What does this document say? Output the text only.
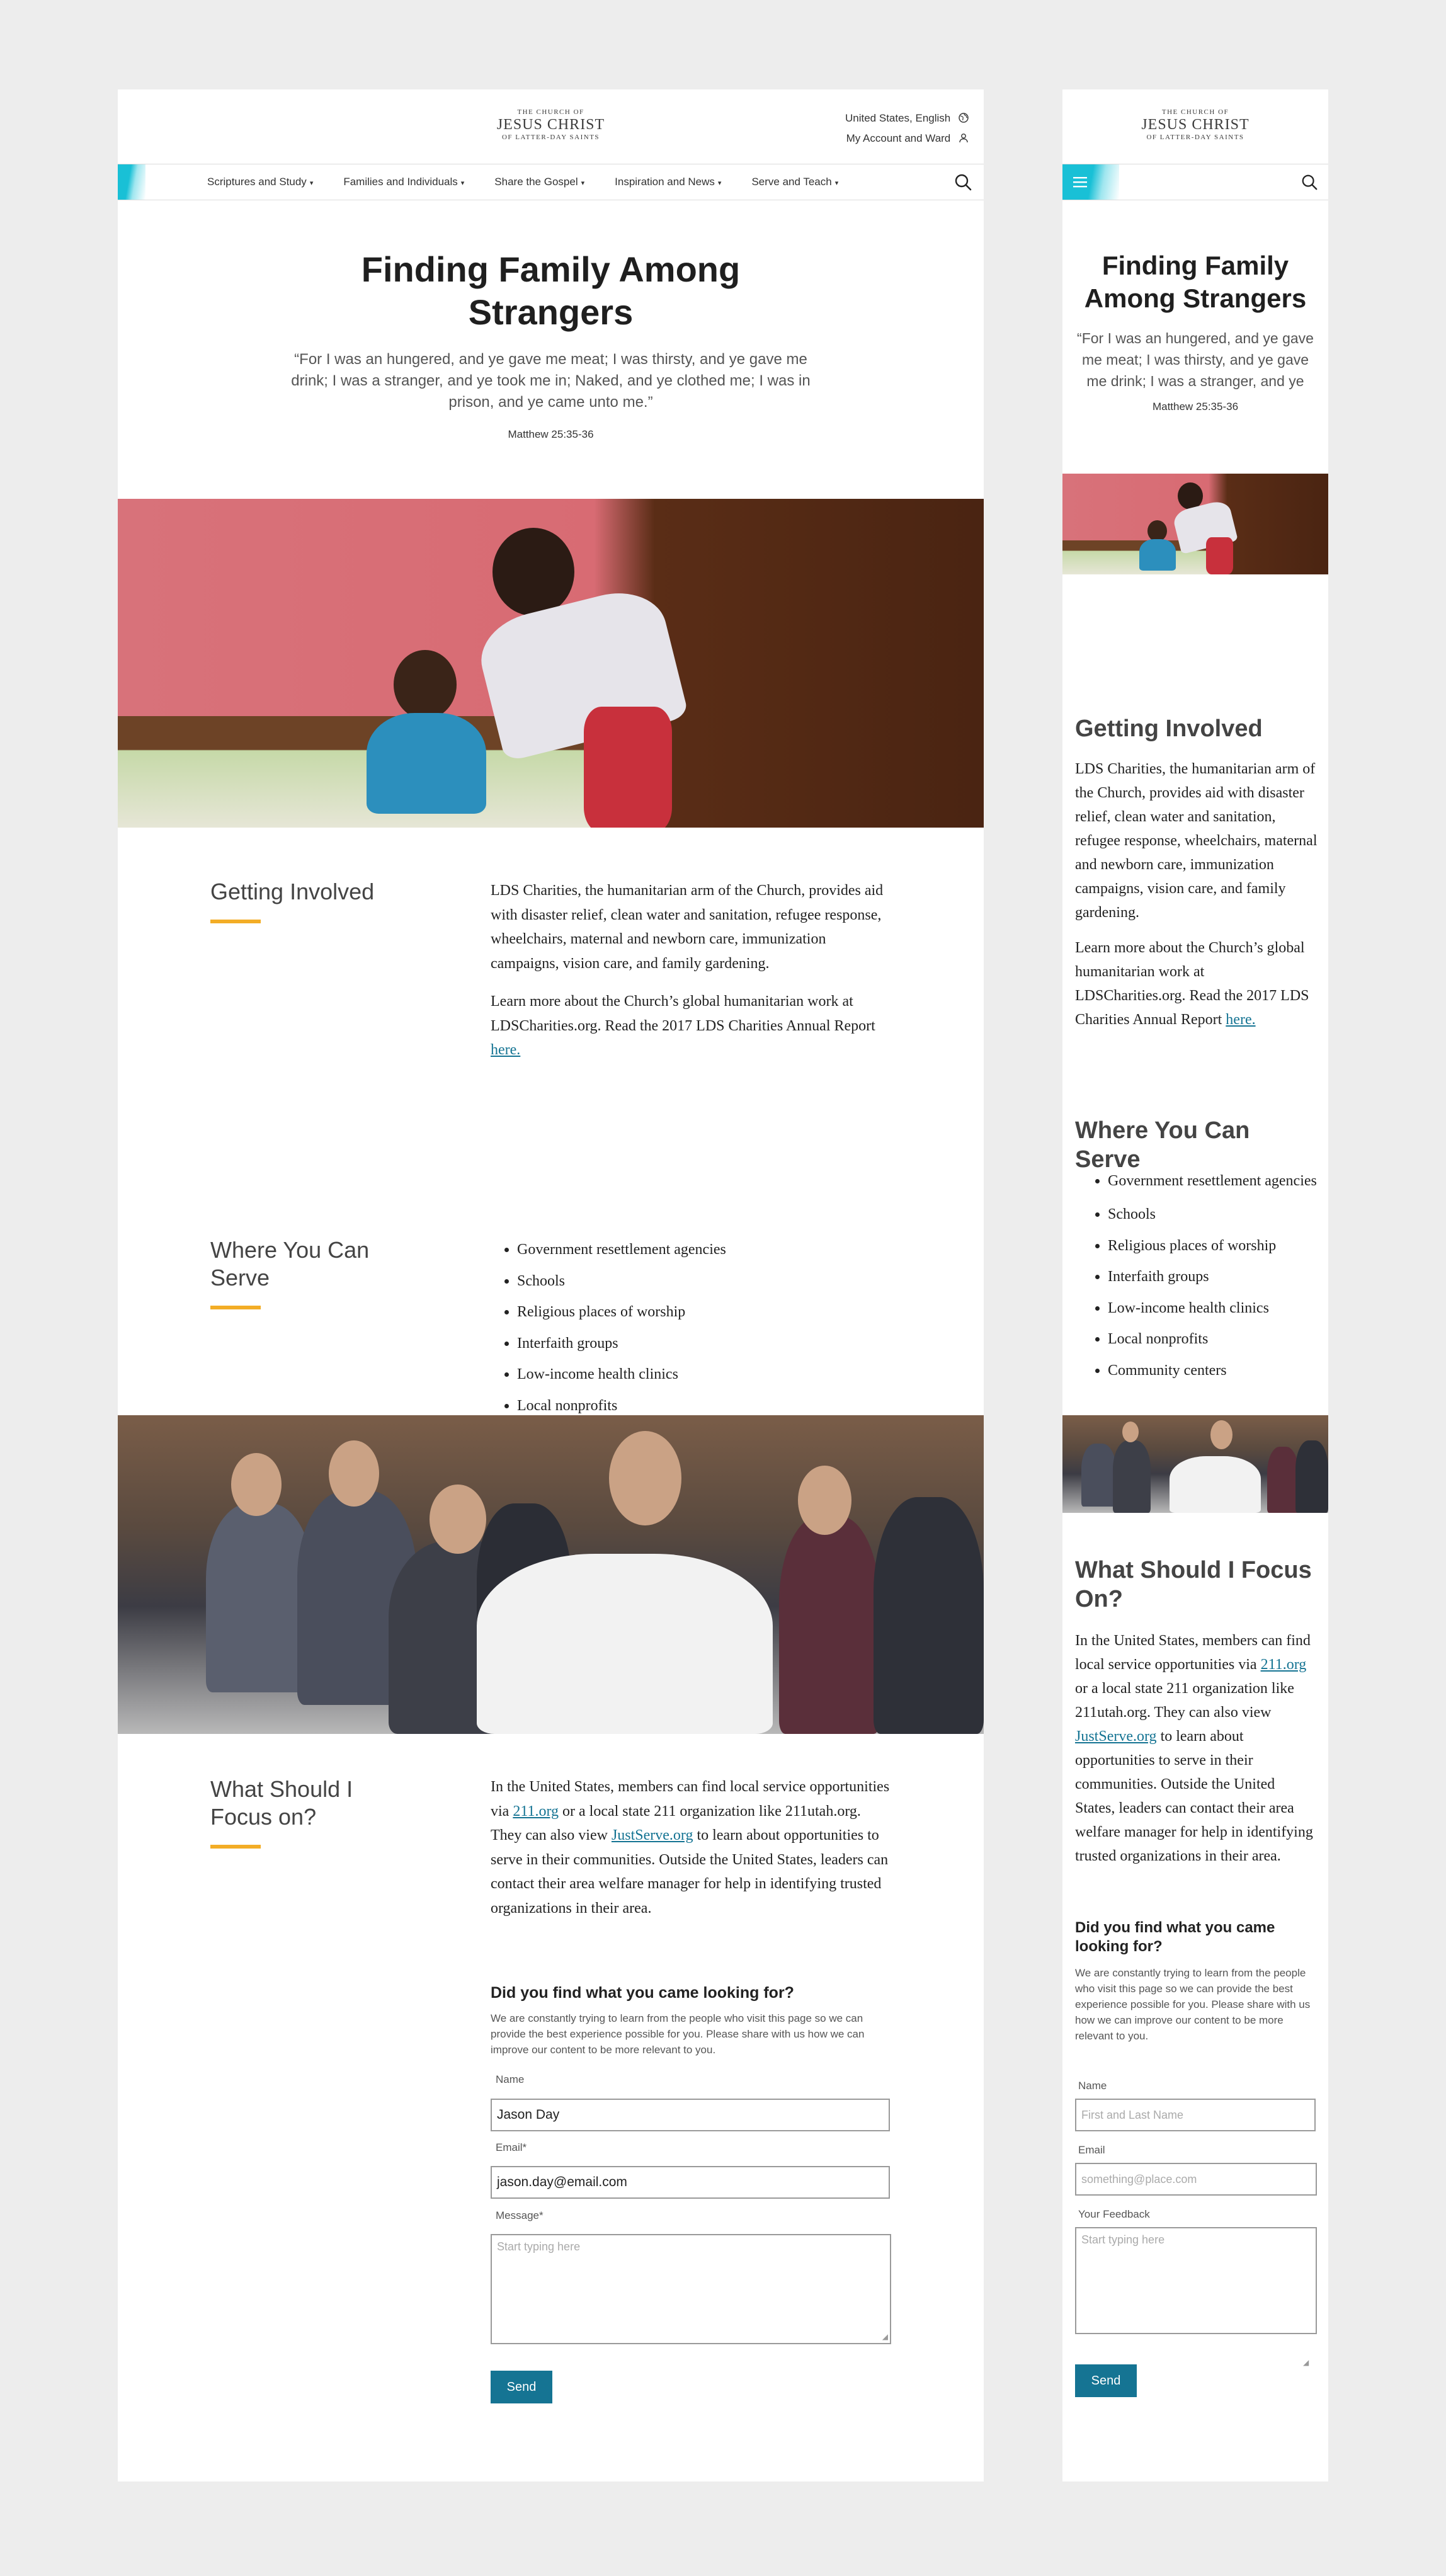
THE CHURCH OF
JESUS CHRIST
OF LATTER-DAY SAINTS
United States, English
My Account and Ward
Scriptures and Study ▾	Families and Individuals ▾	Share the Gospel ▾	Inspiration and News ▾	Serve and Teach ▾
Finding Family Among Strangers

“For I was an hungered, and ye gave me meat; I was thirsty, and ye gave me drink; I was a stranger, and ye took me in; Naked, and ye clothed me; I was in prison, and ye came unto me.”

Matthew 25:35-36

Getting Involved	LDS Charities, the humanitarian arm of the Church, provides aid with disaster relief, clean water and sanitation, refugee response, wheelchairs, maternal and newborn care, immunization campaigns, vision care, and family gardening.

Learn more about the Church’s global humanitarian work at LDSCharities.org. Read the 2017 LDS Charities Annual Report here.

Where You Can Serve
• Government resettlement agencies
• Schools
• Religious places of worship
• Interfaith groups
• Low-income health clinics
• Local nonprofits
•
What Should I Focus on?

In the United States, members can find local service opportunities via 211.org or a local state 211 organization like 211utah.org. They can also view JustServe.org to learn about opportunities to serve in their communities. Outside the United States, leaders can contact their area welfare manager for help in identifying trusted organizations in their area.

Did you find what you came looking for?

We are constantly trying to learn from the people who visit this page so we can provide the best experience possible for you. Please share with us how we can improve our content to be more relevant to you.

Name
Jason Day
Email*
jason.day@email.com
Message*
Start typing here
◢
Send
THE CHURCH OF
JESUS CHRIST
OF LATTER-DAY SAINTS
Finding Family Among Strangers

“For I was an hungered, and ye gave me meat; I was thirsty, and ye gave me drink; I was a stranger, and ye

Matthew 25:35-36

Getting Involved

LDS Charities, the humanitarian arm of the Church, provides aid with disaster relief, clean water and sanitation, refugee response, wheelchairs, maternal and newborn care, immunization campaigns, vision care, and family gardening.

Learn more about the Church’s global humanitarian work at LDSCharities.org. Read the 2017 LDS Charities Annual Report here.

Where You Can Serve
• Government resettlement agencies
• Schools
• Religious places of worship
• Interfaith groups
• Low-income health clinics
• Local nonprofits
• Community centers
What Should I Focus On?

In the United States, members can find local service opportunities via 211.org or a local state 211 organization like 211utah.org. They can also view JustServe.org to learn about opportunities to serve in their communities. Outside the United States, leaders can contact their area welfare manager for help in identifying trusted organizations in their area.

Did you find what you came looking for?

We are constantly trying to learn from the people who visit this page so we can provide the best experience possible for you. Please share with us how we can improve our content to be more relevant to you.

Name
First and Last Name
Email
something@place.com
Your Feedback
Start typing here
◢
Send
